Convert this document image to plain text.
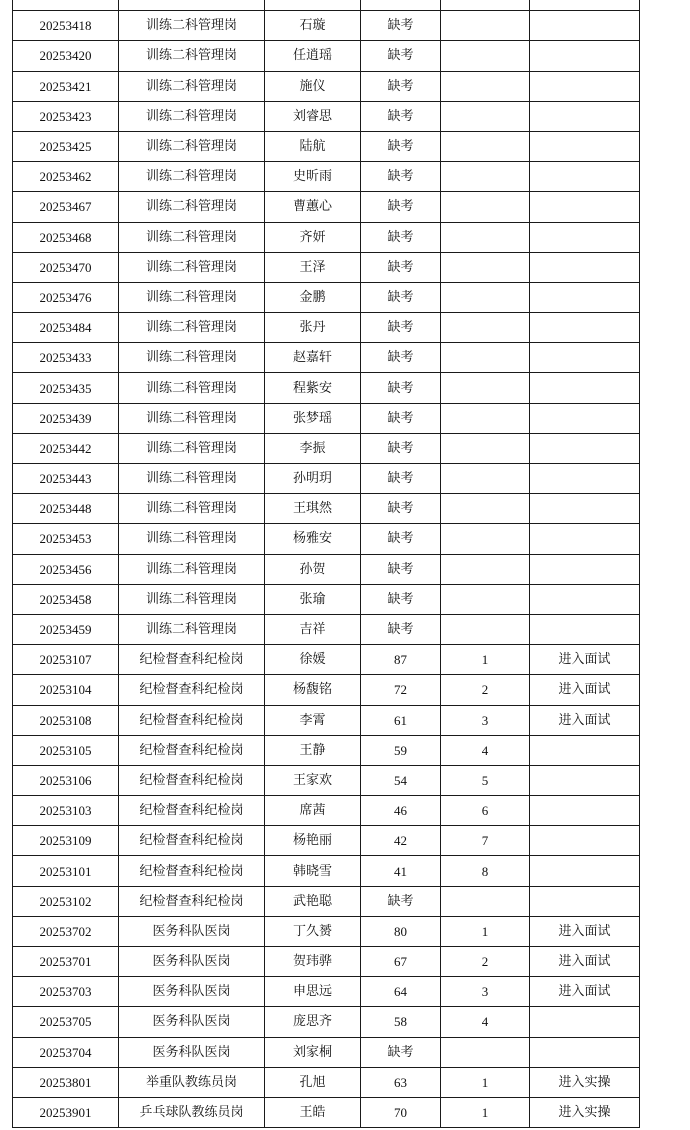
20253418	训练二科管理岗	石璇	缺考		
20253420	训练二科管理岗	任逍瑶	缺考		
20253421	训练二科管理岗	施仪	缺考		
20253423	训练二科管理岗	刘睿思	缺考		
20253425	训练二科管理岗	陆航	缺考		
20253462	训练二科管理岗	史昕雨	缺考		
20253467	训练二科管理岗	曹蕙心	缺考		
20253468	训练二科管理岗	齐妍	缺考		
20253470	训练二科管理岗	王泽	缺考		
20253476	训练二科管理岗	金鹏	缺考		
20253484	训练二科管理岗	张丹	缺考		
20253433	训练二科管理岗	赵嘉轩	缺考		
20253435	训练二科管理岗	程紫安	缺考		
20253439	训练二科管理岗	张梦瑶	缺考		
20253442	训练二科管理岗	李振	缺考		
20253443	训练二科管理岗	孙明玥	缺考		
20253448	训练二科管理岗	王琪然	缺考		
20253453	训练二科管理岗	杨雅安	缺考		
20253456	训练二科管理岗	孙贺	缺考		
20253458	训练二科管理岗	张瑜	缺考		
20253459	训练二科管理岗	吉祥	缺考		
20253107	纪检督查科纪检岗	徐媛	87	1	进入面试
20253104	纪检督查科纪检岗	杨馥铭	72	2	进入面试
20253108	纪检督查科纪检岗	李霄	61	3	进入面试
20253105	纪检督查科纪检岗	王静	59	4	
20253106	纪检督查科纪检岗	王家欢	54	5	
20253103	纪检督查科纪检岗	席茜	46	6	
20253109	纪检督查科纪检岗	杨艳丽	42	7	
20253101	纪检督查科纪检岗	韩晓雪	41	8	
20253102	纪检督查科纪检岗	武艳聪	缺考		
20253702	医务科队医岗	丁久赟	80	1	进入面试
20253701	医务科队医岗	贺玮骅	67	2	进入面试
20253703	医务科队医岗	申思远	64	3	进入面试
20253705	医务科队医岗	庞思齐	58	4	
20253704	医务科队医岗	刘家桐	缺考		
20253801	举重队教练员岗	孔旭	63	1	进入实操
20253901	乒乓球队教练员岗	王皓	70	1	进入实操
